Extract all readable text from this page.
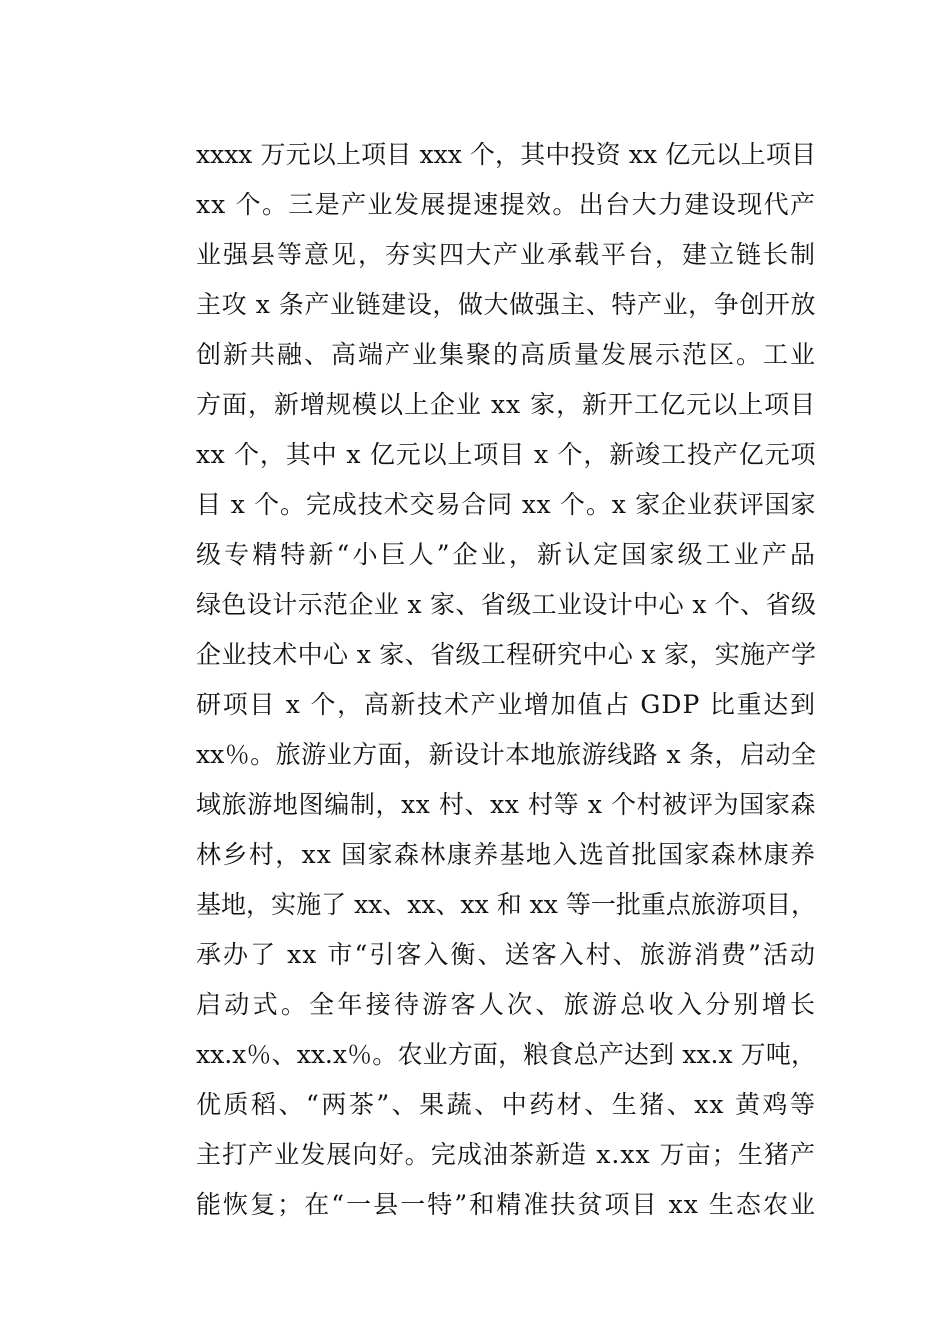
xxxx 万元以上项目 xxx 个，其中投资 xx 亿元以上项目
xx 个。三是产业发展提速提效。出台大力建设现代产
业强县等意见，夯实四大产业承载平台，建立链长制
主攻 x 条产业链建设，做大做强主、特产业，争创开放
创新共融、高端产业集聚的高质量发展示范区。工业
方面，新增规模以上企业 xx 家，新开工亿元以上项目
xx 个，其中 x 亿元以上项目 x 个，新竣工投产亿元项
目 x 个。完成技术交易合同 xx 个。x 家企业获评国家
级专精特新“小巨人”企业，新认定国家级工业产品
绿色设计示范企业 x 家、省级工业设计中心 x 个、省级
企业技术中心 x 家、省级工程研究中心 x 家，实施产学
研项目 x 个，高新技术产业增加值占 GDP 比重达到
xx％。旅游业方面，新设计本地旅游线路 x 条，启动全
域旅游地图编制，xx 村、xx 村等 x 个村被评为国家森
林乡村，xx 国家森林康养基地入选首批国家森林康养
基地，实施了 xx、xx、xx 和 xx 等一批重点旅游项目，
承办了 xx 市“引客入衡、送客入村、旅游消费”活动
启动式。全年接待游客人次、旅游总收入分别增长
xx.x％、xx.x％。农业方面，粮食总产达到 xx.x 万吨，
优质稻、“两茶”、果蔬、中药材、生猪、xx 黄鸡等
主打产业发展向好。完成油茶新造 x.xx 万亩；生猪产
能恢复；在“一县一特”和精准扶贫项目 xx 生态农业
